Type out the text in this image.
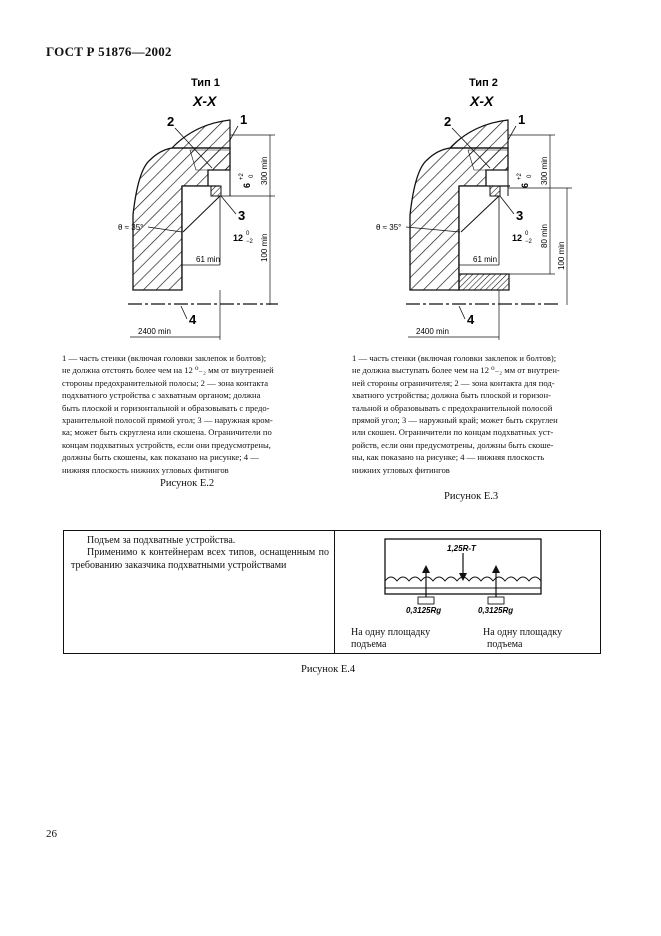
ГОСТ Р 51876—2002
Тип 1
X-X
300 min
100 min
6
+2 0
12 0
−2
61 min
2400 min
θ ≈ 35°
2	1
3
4
Тип 2
X-X
300 min
80 min
100 min
6
+2 0
12 0
−2
61 min
2400 min
θ ≈ 35°
2	1
3
4
1 — часть стенки (включая головки заклепок и болтов);
не должна отстоять более чем на 12 ⁰₋₂ мм от внутренней
стороны предохранительной полосы; 2 — зона контакта
подхватного устройства с захватным органом; должна
быть плоской и горизонтальной и образовывать с предо-
хранительной полосой прямой угол; 3 — наружная кром-
ка; может быть скруглена или скошена. Ограничители по
концам подхватных устройств, если они предусмотрены,
должны быть скошены, как показано на рисунке; 4 —
нижняя плоскость нижних угловых фитингов
Рисунок Е.2
1 — часть стенки (включая головки заклепок и болтов);
не должна выступать более чем на 12 ⁰₋₂ мм от внутрен-
ней стороны ограничителя; 2 — зона контакта для под-
хватного устройства; должна быть плоской и горизон-
тальной и образовывать с предохранительной полосой
прямой угол; 3 — наружный край; может быть скруглен
или скошен. Ограничители по концам подхватных уст-
ройств, если они предусмотрены, должны быть скоше-
ны, как показано на рисунке; 4 — нижняя плоскость
нижних угловых фитингов
Рисунок Е.3

Подъем за подхватные устройства.

Применимо к контейнерам всех типов, оснащенным по требованию заказчика подхватными устройствами

1,25R-T
0,3125Rg	0,3125Rg
На одну площадку
подъема
На одну площадку
подъема
Рисунок Е.4
26
